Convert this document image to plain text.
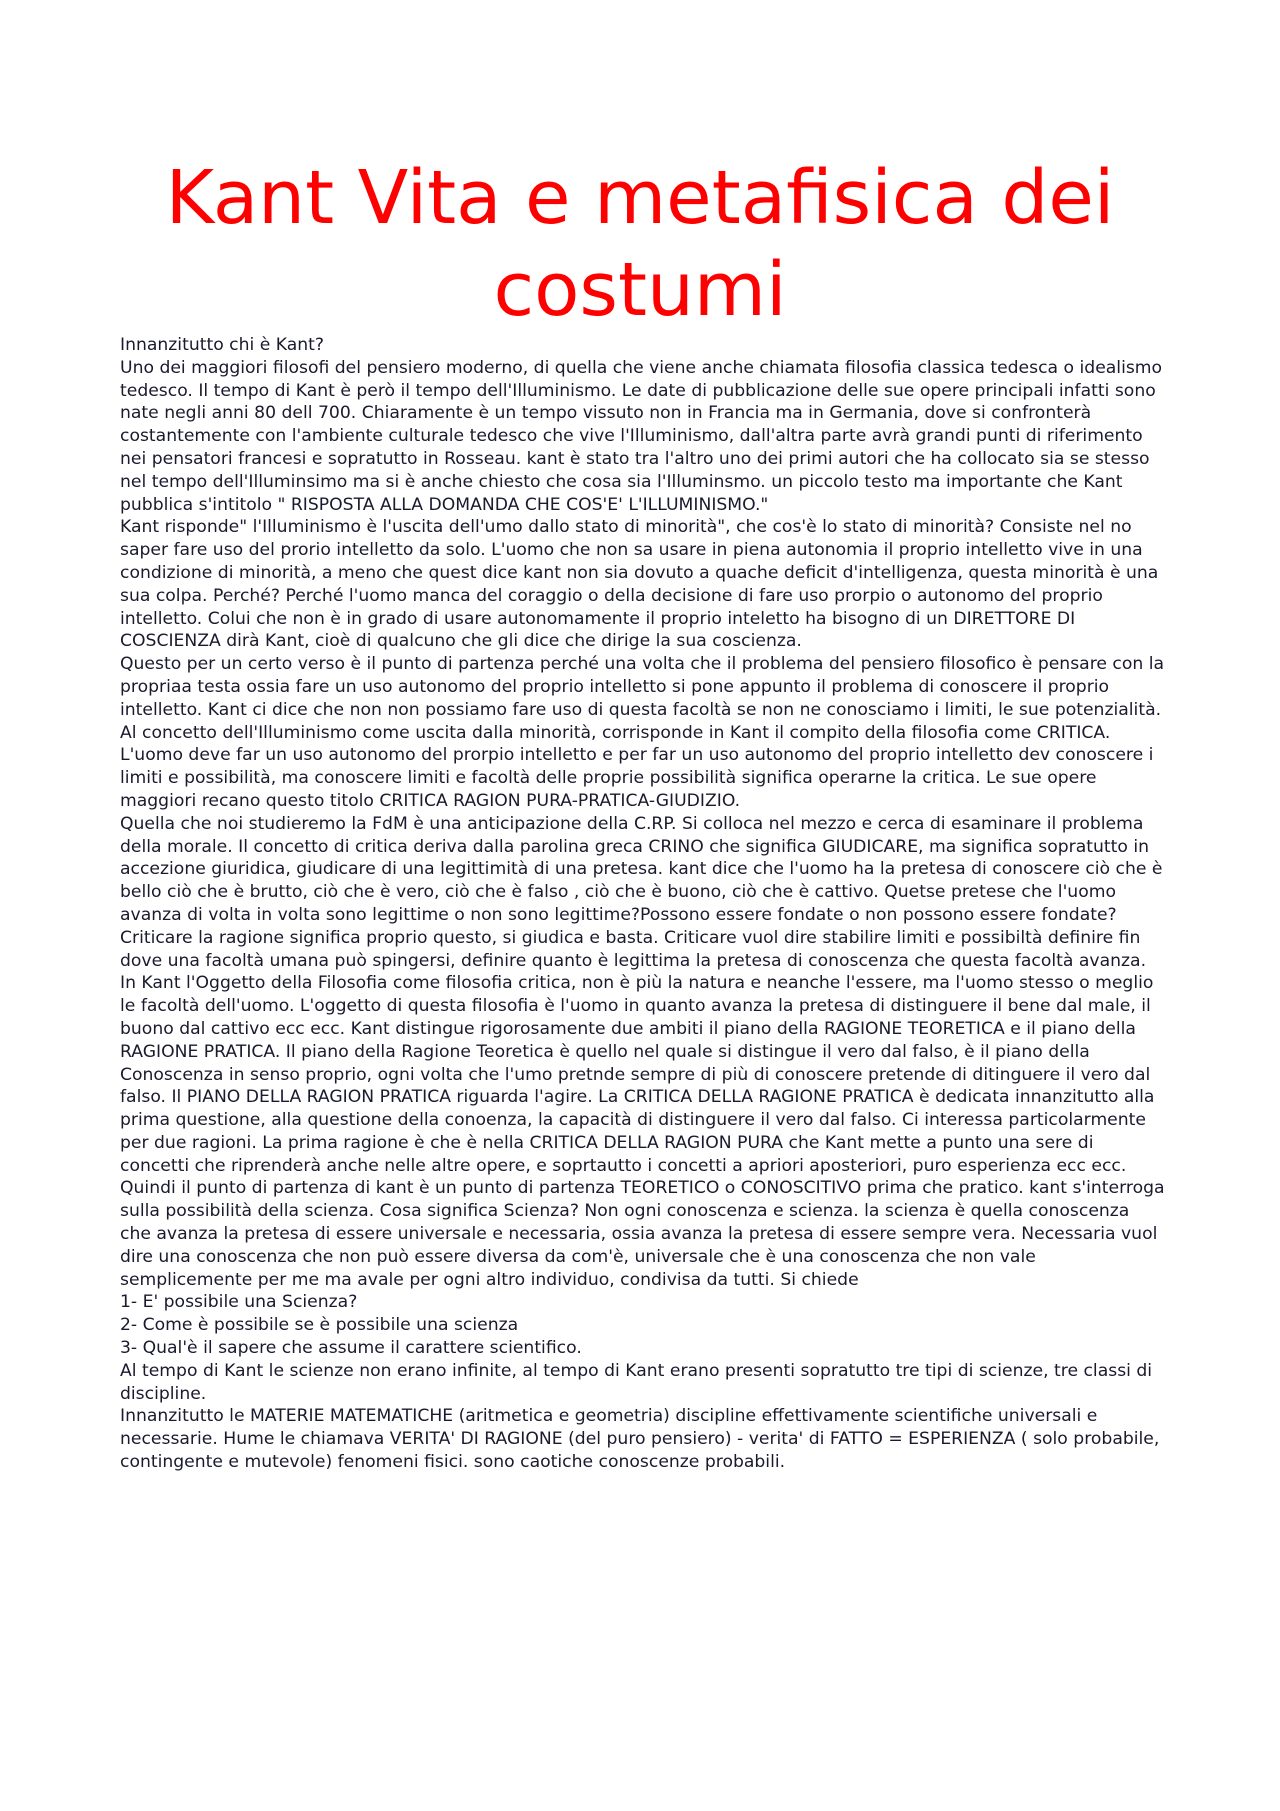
Kant Vita e metafisica dei costumi

Innanzitutto chi è Kant?

Uno dei maggiori filosofi del pensiero moderno, di quella che viene anche chiamata filosofia classica tedesca o idealismo tedesco. Il tempo di Kant è però il tempo dell'Illuminismo. Le date di pubblicazione delle sue opere principali infatti sono nate negli anni 80 dell 700. Chiaramente è un tempo vissuto non in Francia ma in Germania, dove si confronterà costantemente con l'ambiente culturale tedesco che vive l'Illuminismo, dall'altra parte avrà grandi punti di riferimento nei pensatori francesi e sopratutto in Rosseau. kant è stato tra l'altro uno dei primi autori che ha collocato sia se stesso nel tempo dell'Illuminsimo ma si è anche chiesto che cosa sia l'Illuminsmo. un piccolo testo ma importante che Kant pubblica s'intitolo " RISPOSTA ALLA DOMANDA CHE COS'E' L'ILLUMINISMO."

Kant risponde" l'Illuminismo è l'uscita dell'umo dallo stato di minorità", che cos'è lo stato di minorità? Consiste nel no saper fare uso del prorio intelletto da solo. L'uomo che non sa usare in piena autonomia il proprio intelletto vive in una condizione di minorità, a meno che quest dice kant non sia dovuto a quache deficit d'intelligenza, questa minorità è una sua colpa. Perché? Perché l'uomo manca del coraggio o della decisione di fare uso prorpio o autonomo del proprio intelletto. Colui che non è in grado di usare autonomamente il proprio inteletto ha bisogno di un DIRETTORE DI COSCIENZA dirà Kant, cioè di qualcuno che gli dice che dirige la sua coscienza.

Questo per un certo verso è il punto di partenza perché una volta che il problema del pensiero filosofico è pensare con la propriaa testa ossia fare un uso autonomo del proprio intelletto si pone appunto il problema di conoscere il proprio intelletto. Kant ci dice che non non possiamo fare uso di questa facoltà se non ne conosciamo i limiti, le sue potenzialità. Al concetto dell'Illuminismo come uscita dalla minorità, corrisponde in Kant il compito della filosofia come CRITICA. L'uomo deve far un uso autonomo del prorpio intelletto e per far un uso autonomo del proprio intelletto dev conoscere i limiti e possibilità, ma conoscere limiti e facoltà delle proprie possibilità significa operarne la critica. Le sue opere maggiori recano questo titolo CRITICA RAGION PURA-PRATICA-GIUDIZIO.

Quella che noi studieremo la FdM è una anticipazione della C.RP. Si colloca nel mezzo e cerca di esaminare il problema della morale. Il concetto di critica deriva dalla parolina greca CRINO che significa GIUDICARE, ma significa sopratutto in accezione giuridica, giudicare di una legittimità di una pretesa. kant dice che l'uomo ha la pretesa di conoscere ciò che è bello ciò che è brutto, ciò che è vero, ciò che è falso , ciò che è buono, ciò che è cattivo. Quetse pretese che l'uomo avanza di volta in volta sono legittime o non sono legittime?Possono essere fondate o non possono essere fondate?Criticare la ragione significa proprio questo, si giudica e basta. Criticare vuol dire stabilire limiti e possibiltà definire fin dove una facoltà umana può spingersi, definire quanto è legittima la pretesa di conoscenza che questa facoltà avanza.

In Kant l'Oggetto della Filosofia come filosofia critica, non è più la natura e neanche l'essere, ma l'uomo stesso o meglio le facoltà dell'uomo. L'oggetto di questa filosofia è l'uomo in quanto avanza la pretesa di distinguere il bene dal male, il buono dal cattivo ecc ecc. Kant distingue rigorosamente due ambiti il piano della RAGIONE TEORETICA e il piano della RAGIONE PRATICA. Il piano della Ragione Teoretica è quello nel quale si distingue il vero dal falso, è il piano della Conoscenza in senso proprio, ogni volta che l'umo pretnde sempre di più di conoscere pretende di ditinguere il vero dal falso. Il PIANO DELLA RAGION PRATICA riguarda l'agire. La CRITICA DELLA RAGIONE PRATICA è dedicata innanzitutto alla prima questione, alla questione della conoenza, la capacità di distinguere il vero dal falso. Ci interessa particolarmente per due ragioni. La prima ragione è che è nella CRITICA DELLA RAGION PURA che Kant mette a punto una sere di concetti che riprenderà anche nelle altre opere, e soprtautto i concetti a apriori aposteriori, puro esperienza ecc ecc.

Quindi il punto di partenza di kant è un punto di partenza TEORETICO o CONOSCITIVO prima che pratico. kant s'interroga sulla possibilità della scienza. Cosa significa Scienza? Non ogni conoscenza e scienza. la scienza è quella conoscenza che avanza la pretesa di essere universale e necessaria, ossia avanza la pretesa di essere sempre vera. Necessaria vuol dire una conoscenza che non può essere diversa da com'è, universale che è una conoscenza che non vale semplicemente per me ma avale per ogni altro individuo, condivisa da tutti. Si chiede

1- E' possibile una Scienza?

2- Come è possibile se è possibile una scienza

3- Qual'è il sapere che assume il carattere scientifico.

Al tempo di Kant le scienze non erano infinite, al tempo di Kant erano presenti sopratutto tre tipi di scienze, tre classi di discipline.

Innanzitutto le MATERIE MATEMATICHE (aritmetica e geometria) discipline effettivamente scientifiche universali e necessarie. Hume le chiamava VERITA' DI RAGIONE (del puro pensiero) - verita' di FATTO = ESPERIENZA ( solo probabile, contingente e mutevole) fenomeni fisici. sono caotiche conoscenze probabili.
